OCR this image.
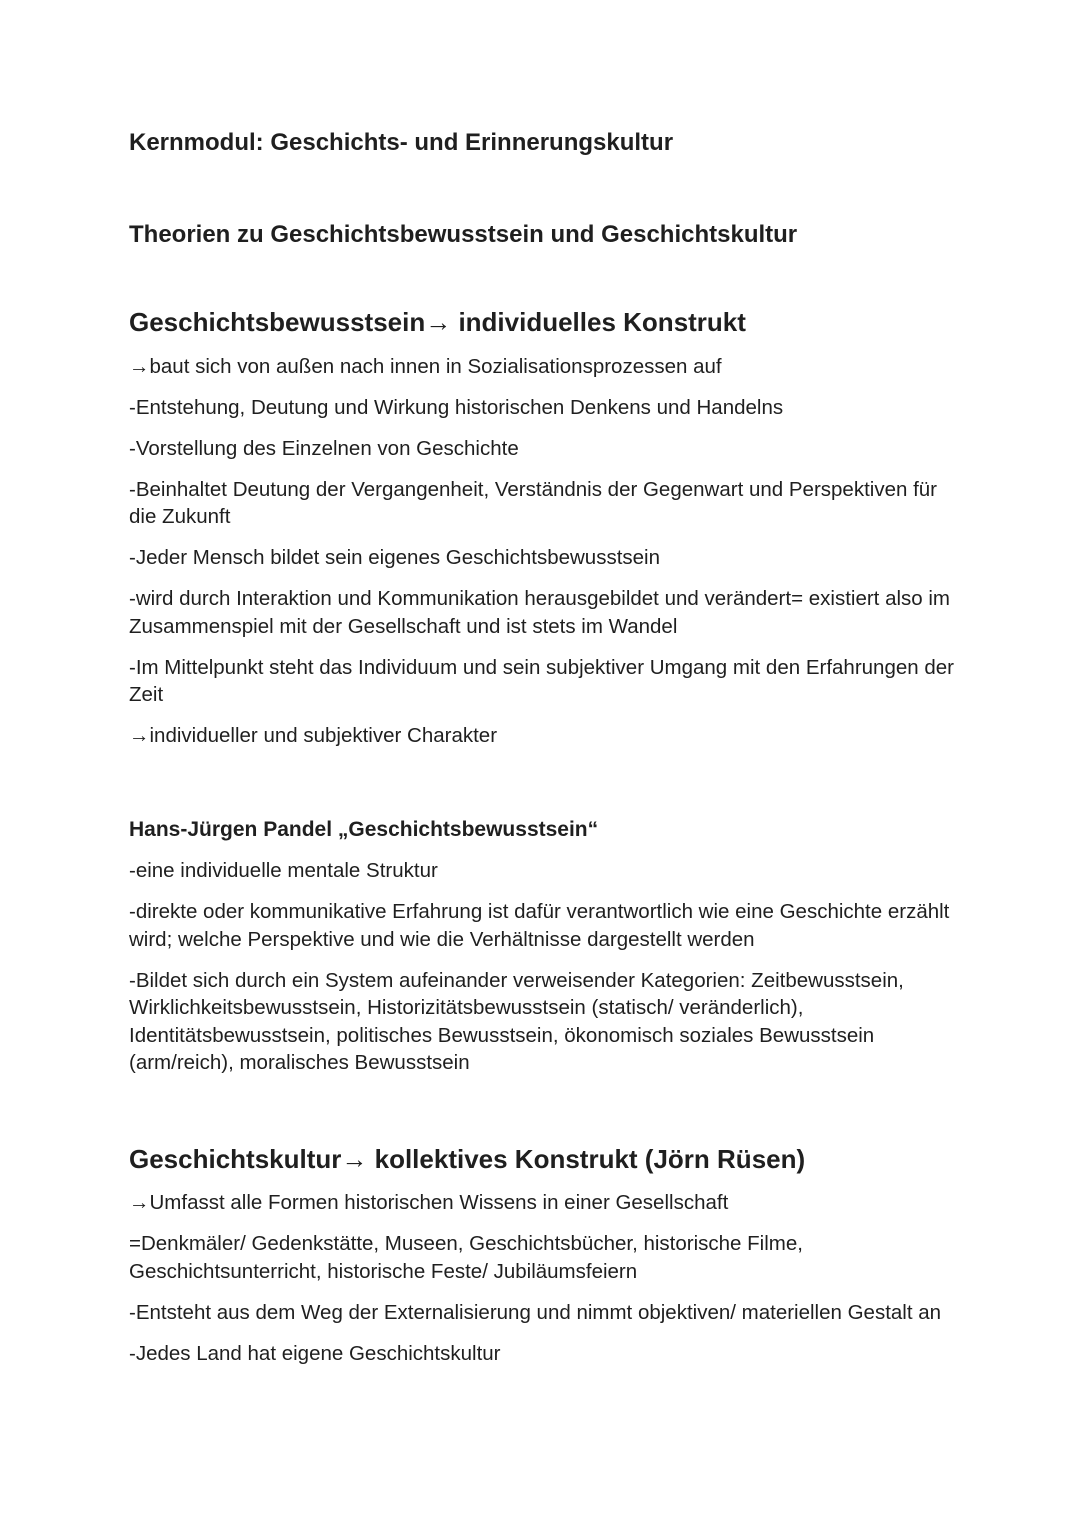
Kernmodul: Geschichts- und Erinnerungskultur
Theorien zu Geschichtsbewusstsein und Geschichtskultur
Geschichtsbewusstsein→ individuelles Konstrukt

→baut sich von außen nach innen in Sozialisationsprozessen auf

-Entstehung, Deutung und Wirkung historischen Denkens und Handelns

-Vorstellung des Einzelnen von Geschichte

-Beinhaltet Deutung der Vergangenheit, Verständnis der Gegenwart und Perspektiven für die Zukunft

-Jeder Mensch bildet sein eigenes Geschichtsbewusstsein

-wird durch Interaktion und Kommunikation herausgebildet und verändert= existiert also im Zusammenspiel mit der Gesellschaft und ist stets im Wandel

-Im Mittelpunkt steht das Individuum und sein subjektiver Umgang mit den Erfahrungen der Zeit

→individueller und subjektiver Charakter

Hans-Jürgen Pandel „Geschichtsbewusstsein“

-eine individuelle mentale Struktur

-direkte oder kommunikative Erfahrung ist dafür verantwortlich wie eine Geschichte erzählt wird; welche Perspektive und wie die Verhältnisse dargestellt werden

-Bildet sich durch ein System aufeinander verweisender Kategorien: Zeitbewusstsein, Wirklichkeitsbewusstsein, Historizitätsbewusstsein (statisch/ veränderlich), Identitätsbewusstsein, politisches Bewusstsein, ökonomisch soziales Bewusstsein (arm/reich), moralisches Bewusstsein

Geschichtskultur→ kollektives Konstrukt (Jörn Rüsen)

→Umfasst alle Formen historischen Wissens in einer Gesellschaft

=Denkmäler/ Gedenkstätte, Museen, Geschichtsbücher, historische Filme, Geschichtsunterricht, historische Feste/ Jubiläumsfeiern

-Entsteht aus dem Weg der Externalisierung und nimmt objektiven/ materiellen Gestalt an

-Jedes Land hat eigene Geschichtskultur
